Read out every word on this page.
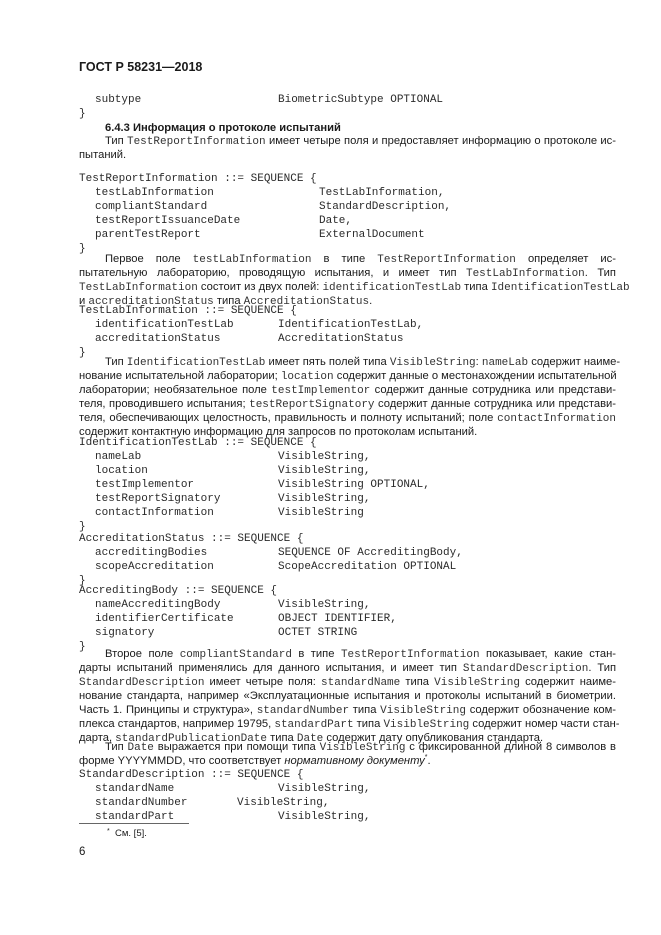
ГОСТ Р 58231—2018
subtype	BiometricSubtype OPTIONAL
}
6.4.3 Информация о протоколе испытаний
Тип TestReportInformation имеет четыре поля и предоставляет информацию о протоколе ис-
пытаний.
TestReportInformation ::= SEQUENCE {
testLabInformation	TestLabInformation,
compliantStandard	StandardDescription,
testReportIssuanceDate	Date,
parentTestReport	ExternalDocument
}
Первое поле testLabInformation в типе TestReportInformation определяет ис-
пытательную лабораторию, проводящую испытания, и имеет тип TestLabInformation. Тип
TestLabInformation состоит из двух полей: identificationTestLab типа IdentificationTestLab
и accreditationStatus типа AccreditationStatus.
TestLabInformation ::= SEQUENCE {
identificationTestLab	IdentificationTestLab,
accreditationStatus	AccreditationStatus
}
Тип IdentificationTestLab имеет пять полей типа VisibleString: nameLab содержит наиме-
нование испытательной лаборатории; location содержит данные о местонахождении испытательной
лаборатории; необязательное поле testImplementor содержит данные сотрудника или представи-
теля, проводившего испытания; testReportSignatory содержит данные сотрудника или представи-
теля, обеспечивающих целостность, правильность и полноту испытаний; поле contactInformation
содержит контактную информацию для запросов по протоколам испытаний.
IdentificationTestLab ::= SEQUENCE {
nameLab	VisibleString,
location	VisibleString,
testImplementor	VisibleString OPTIONAL,
testReportSignatory	VisibleString,
contactInformation	VisibleString
}
AccreditationStatus ::= SEQUENCE {
accreditingBodies	SEQUENCE OF AccreditingBody,
scopeAccreditation	ScopeAccreditation OPTIONAL
}
AccreditingBody ::= SEQUENCE {
nameAccreditingBody	VisibleString,
identifierCertificate	OBJECT IDENTIFIER,
signatory	OCTET STRING
}
Второе поле compliantStandard в типе TestReportInformation показывает, какие стан-
дарты испытаний применялись для данного испытания, и имеет тип StandardDescription. Тип
StandardDescription имеет четыре поля: standardName типа VisibleString содержит наиме-
нование стандарта, например «Эксплуатационные испытания и протоколы испытаний в биометрии.
Часть 1. Принципы и структура», standardNumber типа VisibleString содержит обозначение ком-
плекса стандартов, например 19795, standardPart типа VisibleString содержит номер части стан-
дарта, standardPublicationDate типа Date содержит дату опубликования стандарта.
Тип Date выражается при помощи типа VisibleString с фиксированной длиной 8 символов в
форме YYYYMMDD, что соответствует нормативному документу*.
StandardDescription ::= SEQUENCE {
standardName	VisibleString,
standardNumber	VisibleString,
standardPart	VisibleString,
* См. [5].
6
